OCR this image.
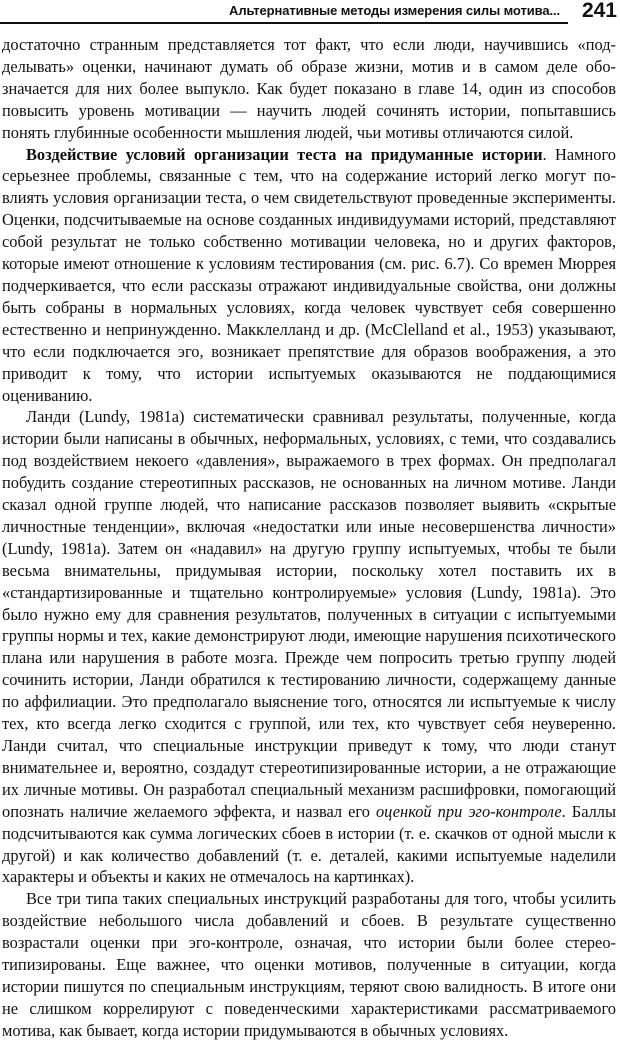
Альтернативные методы измерения силы мотива... 241

достаточно странным представляется тот факт, что если люди, научившись «подделывать» оценки, начинают думать об образе жизни, мотив и в самом деле обозначается для них более выпукло. Как будет показано в главе 14, один из способов повысить уровень мотивации — научить людей сочинять истории, попытавшись понять глубинные особенности мышления людей, чьи мотивы отличаются силой.

Воздействие условий организации теста на придуманные истории. Намного серьезнее проблемы, связанные с тем, что на содержание историй легко могут повлиять условия организации теста, о чем свидетельствуют проведенные эксперименты. Оценки, подсчитываемые на основе созданных индивидуумами историй, представляют собой результат не только собственно мотивации человека, но и других факторов, которые имеют отношение к условиям тестирования (см. рис. 6.7). Со времен Мюррея подчеркивается, что если рассказы отражают индивидуальные свойства, они должны быть собраны в нормальных условиях, когда человек чувствует себя совершенно естественно и непринужденно. Макклелланд и др. (McClelland et al., 1953) указывают, что если подключается эго, возникает препятствие для образов воображения, а это приводит к тому, что истории испытуемых оказываются не поддающимися оцениванию.

Ланди (Lundy, 1981a) систематически сравнивал результаты, полученные, когда истории были написаны в обычных, неформальных, условиях, с теми, что создавались под воздействием некоего «давления», выражаемого в трех формах. Он предполагал побудить создание стереотипных рассказов, не основанных на личном мотиве. Ланди сказал одной группе людей, что написание рассказов позволяет выявить «скрытые личностные тенденции», включая «недостатки или иные несовершенства личности» (Lundy, 1981a). Затем он «надавил» на другую группу испытуемых, чтобы те были весьма внимательны, придумывая истории, поскольку хотел поставить их в «стандартизированные и тщательно контролируемые» условия (Lundy, 1981a). Это было нужно ему для сравнения результатов, полученных в ситуации с испытуемыми группы нормы и тех, какие демонстрируют люди, имеющие нарушения психотического плана или нарушения в работе мозга. Прежде чем попросить третью группу людей сочинить истории, Ланди обратился к тестированию личности, содержащему данные по аффилиации. Это предполагало выяснение того, относятся ли испытуемые к числу тех, кто всегда легко сходится с группой, или тех, кто чувствует себя неуверенно. Ланди считал, что специальные инструкции приведут к тому, что люди станут внимательнее и, вероятно, создадут стереотипизированные истории, а не отражающие их личные мотивы. Он разработал специальный механизм расшифровки, помогающий опознать наличие желаемого эффекта, и назвал его оценкой при эго-контроле. Баллы подсчитываются как сумма логических сбоев в истории (т. е. скачков от одной мысли к другой) и как количество добавлений (т. е. деталей, какими испытуемые наделили характеры и объекты и каких не отмечалось на картинках).

Все три типа таких специальных инструкций разработаны для того, чтобы усилить воздействие небольшого числа добавлений и сбоев. В результате существенно возрастали оценки при эго-контроле, означая, что истории были более стереотипизированы. Еще важнее, что оценки мотивов, полученные в ситуации, когда истории пишутся по специальным инструкциям, теряют свою валидность. В итоге они не слишком коррелируют с поведенческими характеристиками рассматриваемого мотива, как бывает, когда истории придумываются в обычных условиях.
